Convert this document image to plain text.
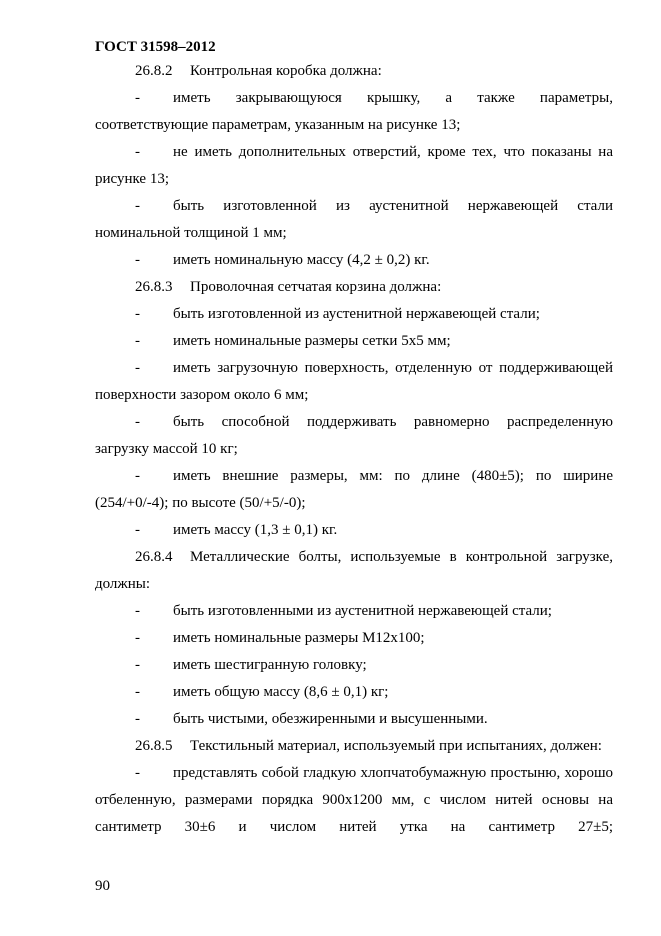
ГОСТ 31598–2012
26.8.2	Контрольная коробка должна:
- иметь закрывающуюся крышку, а также параметры, соответствующие параметрам, указанным на рисунке 13;
- не иметь дополнительных отверстий, кроме тех, что показаны на рисунке 13;
- быть изготовленной из аустенитной нержавеющей стали номинальной толщиной 1 мм;
- иметь номинальную массу (4,2 ± 0,2) кг.
26.8.3	Проволочная сетчатая корзина должна:
- быть изготовленной из аустенитной нержавеющей стали;
- иметь номинальные размеры сетки 5х5 мм;
- иметь загрузочную поверхность, отделенную от поддерживающей поверхности зазором около 6 мм;
- быть способной поддерживать равномерно распределенную загрузку массой 10 кг;
- иметь внешние размеры, мм: по длине (480±5); по ширине (254/+0/-4); по высоте (50/+5/-0);
- иметь массу (1,3 ± 0,1) кг.
26.8.4 Металлические болты, используемые в контрольной загрузке, должны:
- быть изготовленными из аустенитной нержавеющей стали;
- иметь номинальные размеры М12х100;
- иметь шестигранную головку;
- иметь общую массу (8,6 ± 0,1) кг;
- быть чистыми, обезжиренными и высушенными.
26.8.5 Текстильный материал, используемый при испытаниях, должен:
- представлять собой гладкую хлопчатобумажную простыню, хорошо отбеленную, размерами порядка 900х1200 мм, с числом нитей основы на сантиметр 30±6 и числом нитей утка на сантиметр 27±5;
90
